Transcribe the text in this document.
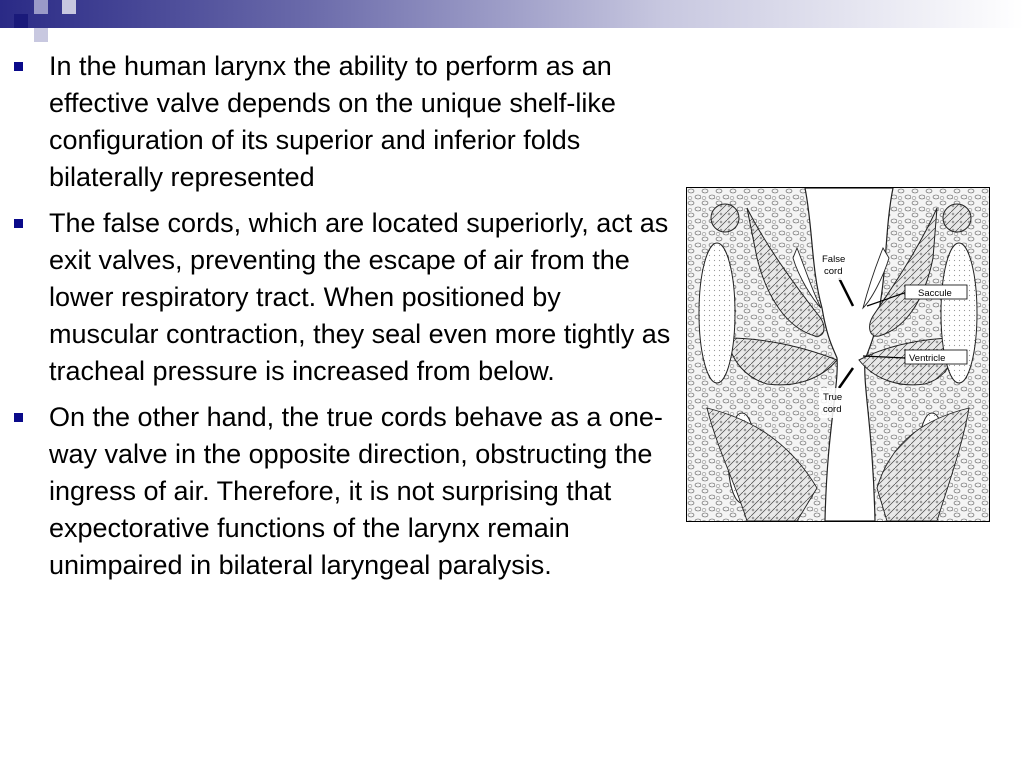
In the human larynx the ability to perform as an effective valve depends on the unique shelf-like configuration of its superior and inferior folds bilaterally represented
The false cords, which are located superiorly, act as exit valves, preventing the escape of air from the lower respiratory tract. When positioned by muscular contraction, they seal even more tightly as tracheal pressure is increased from below.
On the other hand, the true cords behave as a one-way valve in the opposite direction, obstructing the ingress of air. Therefore, it is not surprising that expectorative functions of the larynx remain unimpaired in bilateral laryngeal paralysis.
False
cord
Saccule
Ventricle
True
cord
